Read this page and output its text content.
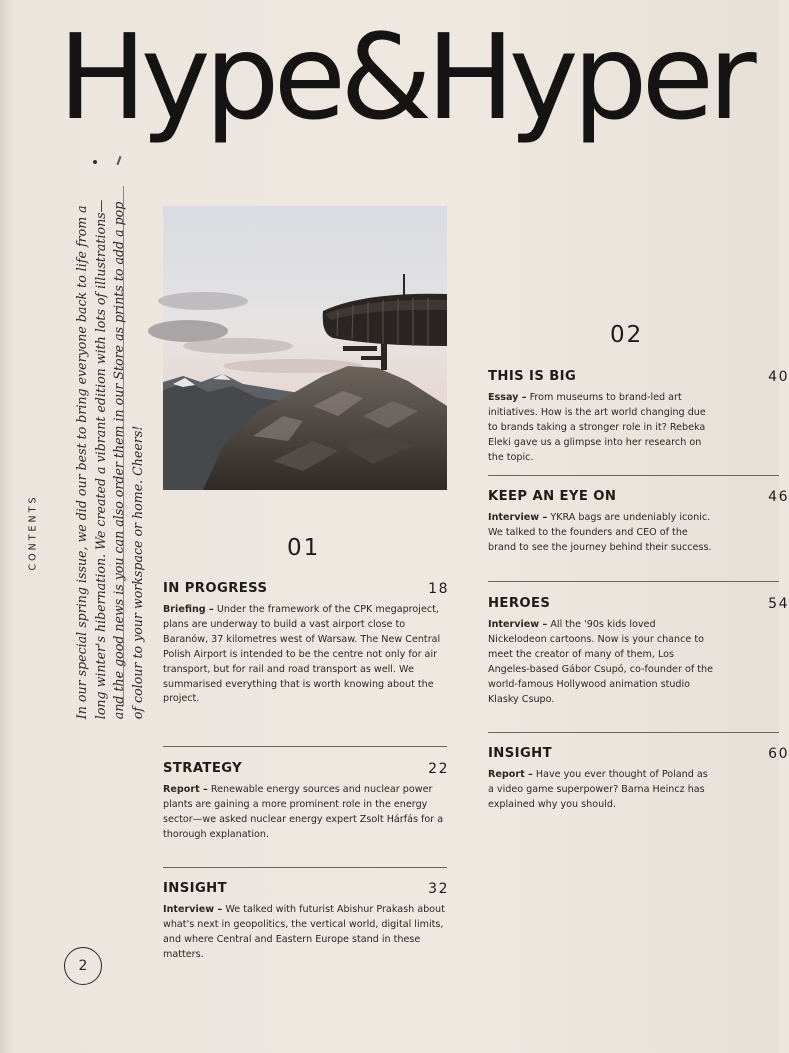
Hype&Hyper
In our special spring issue, we did our best to bring everyone back to life from a long winter's hibernation. We created a vibrant edition with lots of illustrations—and the good news is you can also order them in our Store as prints to add a pop of colour to your workspace or home. Cheers!
CONTENTS
2
01
IN PROGRESS	18

Briefing – Under the framework of the CPK megaproject, plans are underway to build a vast airport close to Baranów, 37 kilometres west of Warsaw. The New Central Polish Airport is intended to be the centre not only for air transport, but for rail and road transport as well. We summarised everything that is worth knowing about the project.

STRATEGY	22

Report – Renewable energy sources and nuclear power plants are gaining a more prominent role in the energy sector—we asked nuclear energy expert Zsolt Hárfás for a thorough explanation.

INSIGHT	32

Interview – We talked with futurist Abishur Prakash about what's next in geopolitics, the vertical world, digital limits, and where Central and Eastern Europe stand in these matters.

02
THIS IS BIG	40

Essay – From museums to brand-led art initiatives. How is the art world changing due to brands taking a stronger role in it? Rebeka Eleki gave us a glimpse into her research on the topic.

KEEP AN EYE ON	46

Interview – YKRA bags are undeniably iconic. We talked to the founders and CEO of the brand to see the journey behind their success.

HEROES	54

Interview – All the '90s kids loved Nickelodeon cartoons. Now is your chance to meet the creator of many of them, Los Angeles-based Gábor Csupó, co-founder of the world-famous Hollywood animation studio Klasky Csupo.

INSIGHT	60

Report – Have you ever thought of Poland as a video game superpower? Barna Heincz has explained why you should.
